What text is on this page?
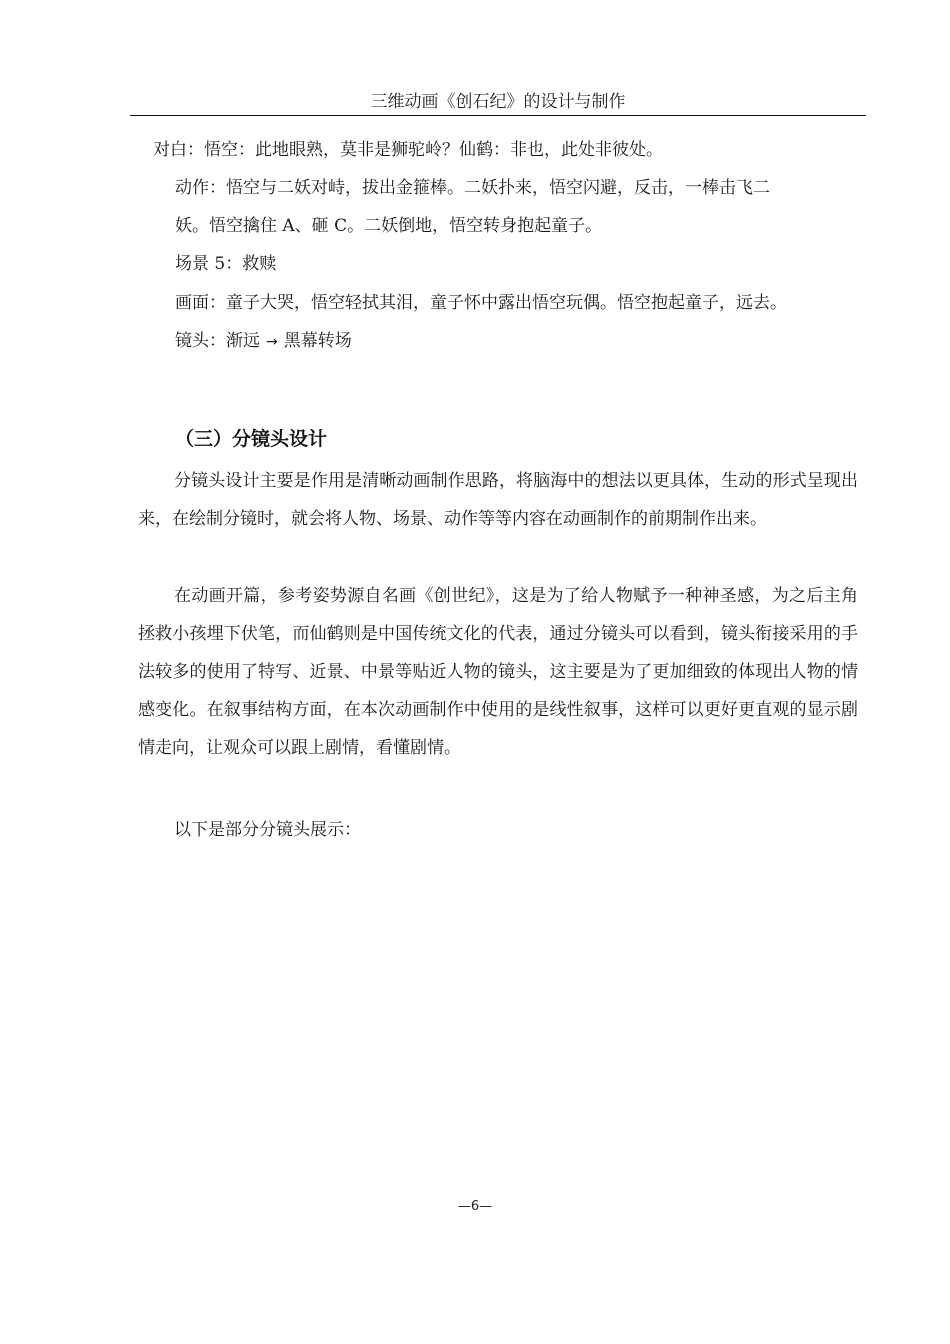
三维动画《创石纪》的设计与制作
对白：悟空：此地眼熟，莫非是狮驼岭？仙鹤：非也，此处非彼处。
动作：悟空与二妖对峙，拔出金箍棒。二妖扑来，悟空闪避，反击，一棒击飞二
妖。悟空擒住 A、砸 C。二妖倒地，悟空转身抱起童子。
场景 5：救赎
画面：童子大哭，悟空轻拭其泪，童子怀中露出悟空玩偶。悟空抱起童子，远去。
镜头：渐远 → 黑幕转场
（三）分镜头设计

分镜头设计主要是作用是清晰动画制作思路，将脑海中的想法以更具体，生动的形式呈现出来，在绘制分镜时，就会将人物、场景、动作等等内容在动画制作的前期制作出来。

在动画开篇，参考姿势源自名画《创世纪》，这是为了给人物赋予一种神圣感，为之后主角拯救小孩埋下伏笔，而仙鹤则是中国传统文化的代表，通过分镜头可以看到，镜头衔接采用的手法较多的使用了特写、近景、中景等贴近人物的镜头，这主要是为了更加细致的体现出人物的情感变化。在叙事结构方面，在本次动画制作中使用的是线性叙事，这样可以更好更直观的显示剧情走向，让观众可以跟上剧情，看懂剧情。

以下是部分分镜头展示：

—6—
